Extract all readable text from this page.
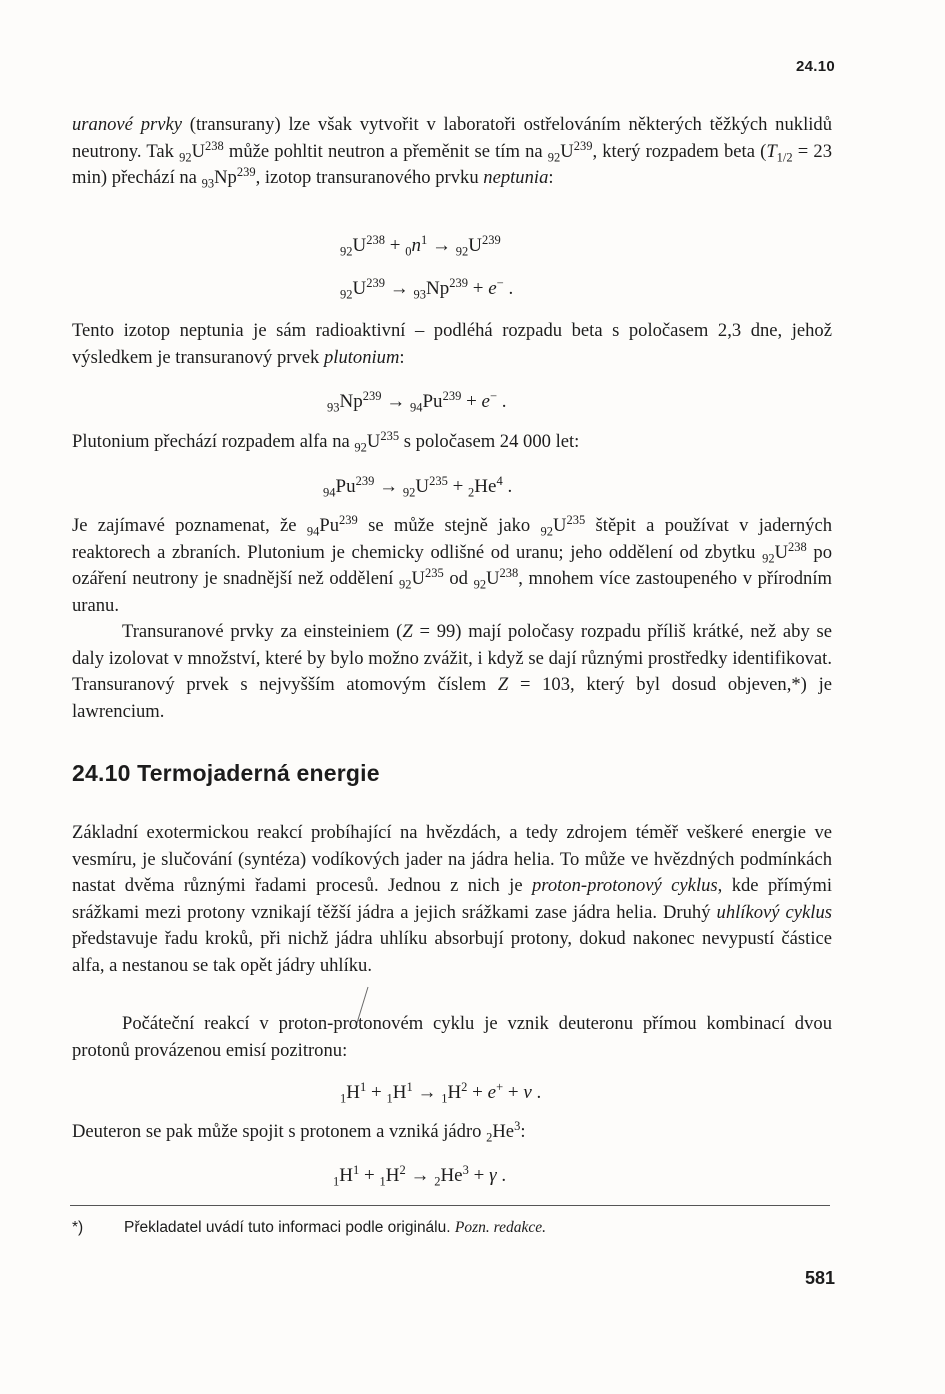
24.10

uranové prvky (transurany) lze však vytvořit v laboratoři ostřelováním některých těžkých nuklidů neutrony. Tak $_{92}U^{238}$ může pohltit neutron a přeměnit se tím na $_{92}U^{239}$, který rozpadem beta ($T_{1/2} = 23$ min) přechází na $_{93}Np^{239}$, izotop transuranového prvku neptunia:

$_{92}U^{238} + _0n^1 \to _{92}U^{239}$
$_{92}U^{239} \to _{93}Np^{239} + e^-$ .

Tento izotop neptunia je sám radioaktivní – podléhá rozpadu beta s poločasem 2,3 dne, jehož výsledkem je transuranový prvek plutonium:

$_{93}Np^{239} \to _{94}Pu^{239} + e^-$ .

Plutonium přechází rozpadem alfa na $_{92}U^{235}$ s poločasem 24 000 let:

$_{94}Pu^{239} \to _{92}U^{235} + _2He^4$ .

Je zajímavé poznamenat, že $_{94}Pu^{239}$ se může stejně jako $_{92}U^{235}$ štěpit a používat v jaderných reaktorech a zbraních. Plutonium je chemicky odlišné od uranu; jeho oddělení od zbytku $_{92}U^{238}$ po ozáření neutrony je snadnější než oddělení $_{92}U^{235}$ od $_{92}U^{238}$, mnohem více zastoupeného v přírodním uranu.

Transuranové prvky za einsteiniem (Z = 99) mají poločasy rozpadu příliš krátké, než aby se daly izolovat v množství, které by bylo možno zvážit, i když se dají různými prostředky identifikovat. Transuranový prvek s nejvyšším atomovým číslem Z = 103, který byl dosud objeven,*) je lawrencium.

24.10 Termojaderná energie

Základní exotermickou reakcí probíhající na hvězdách, a tedy zdrojem téměř veškeré energie ve vesmíru, je slučování (syntéza) vodíkových jader na jádra helia. To může ve hvězdných podmínkách nastat dvěma různými řadami procesů. Jednou z nich je proton-protonový cyklus, kde přímými srážkami mezi protony vznikají těžší jádra a jejich srážkami zase jádra helia. Druhý uhlíkový cyklus představuje řadu kroků, při nichž jádra uhlíku absorbují protony, dokud nakonec nevypustí částice alfa, a nestanou se tak opět jádry uhlíku.

Počáteční reakcí v proton-protonovém cyklu je vznik deuteronu přímou kombinací dvou protonů provázenou emisí pozitronu:

$_1H^1 + _1H^1 \to _1H^2 + e^+ + \nu$ .

Deuteron se pak může spojit s protonem a vzniká jádro $_2He^3$:

$_1H^1 + _1H^2 \to _2He^3 + \gamma$ .
*)	Překladatel uvádí tuto informaci podle originálu. Pozn. redakce.
581
